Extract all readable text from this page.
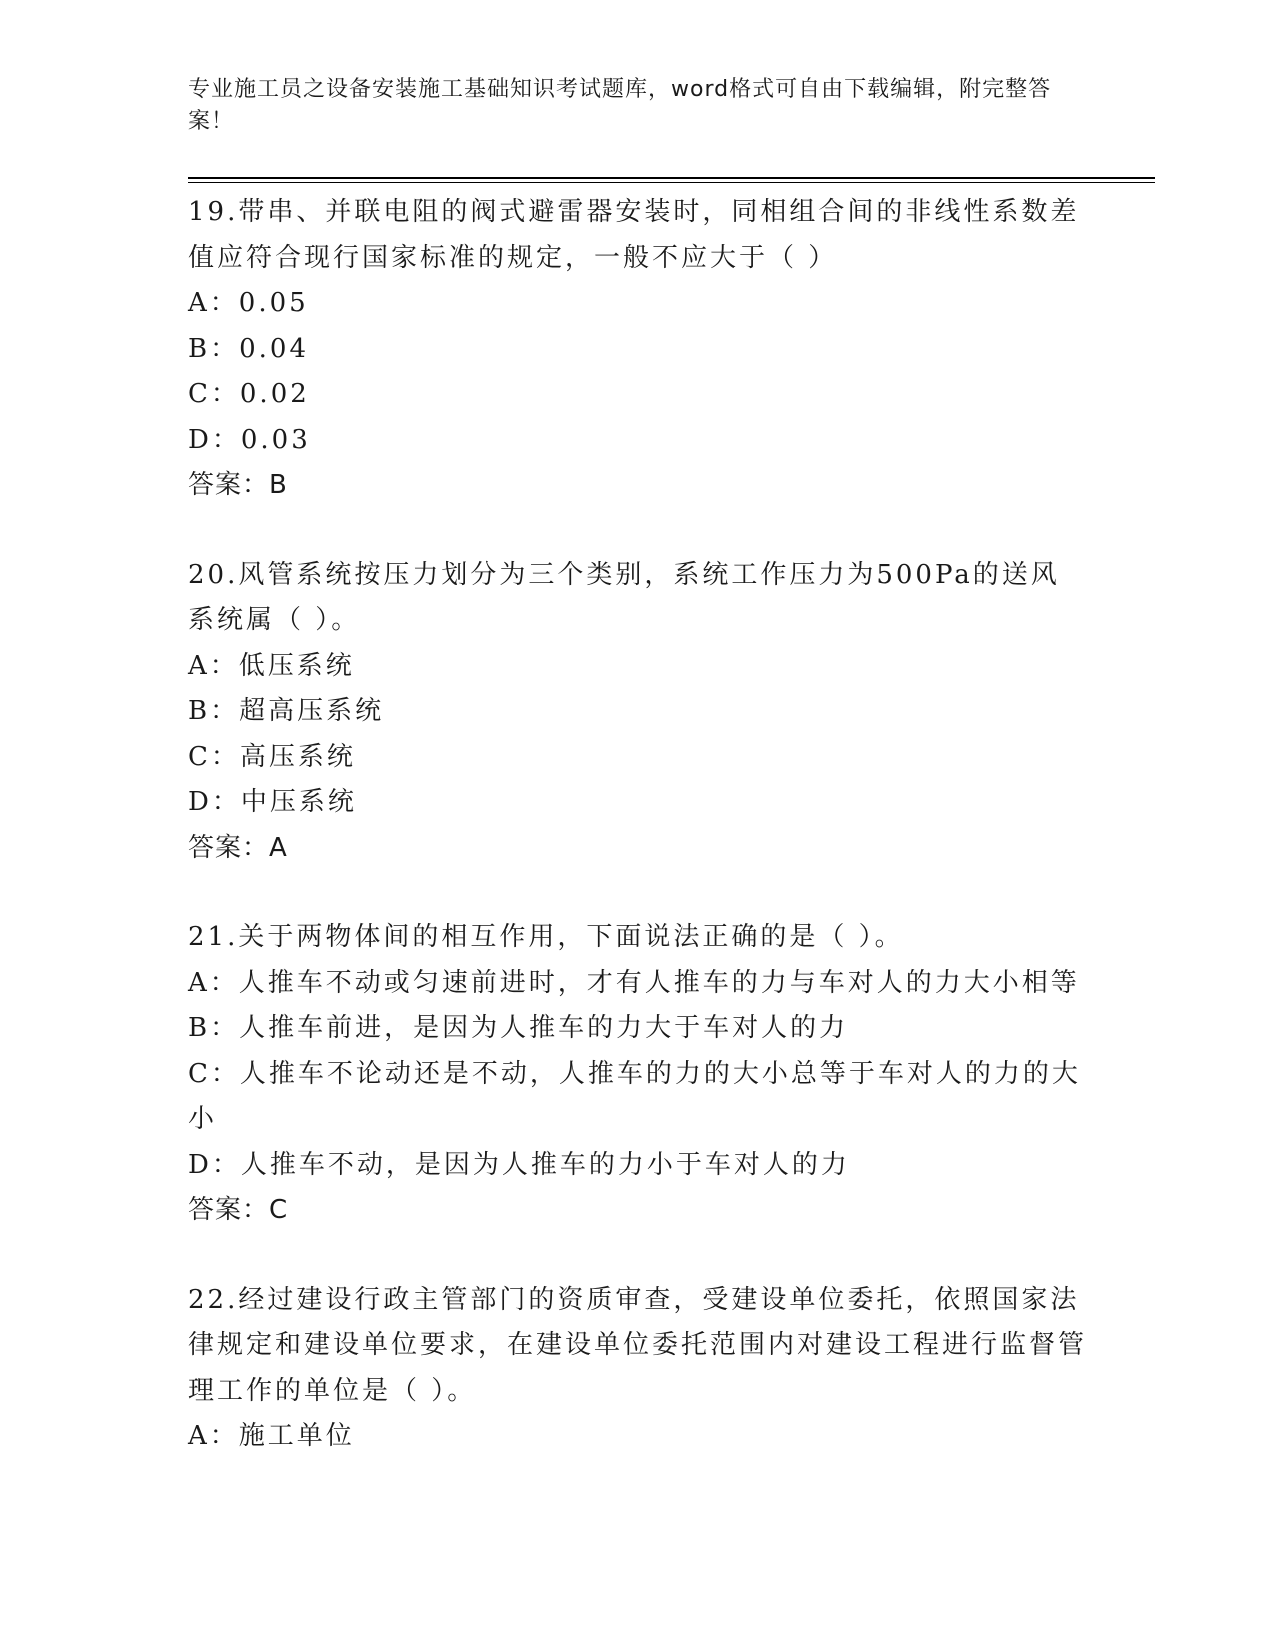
专业施工员之设备安装施工基础知识考试题库，word格式可自由下载编辑，附完整答案！

19.带串、并联电阻的阀式避雷器安装时，同相组合间的非线性系数差值应符合现行国家标准的规定，一般不应大于（ ）

A：0.05

B：0.04

C：0.02

D：0.03

答案：B

20.风管系统按压力划分为三个类别，系统工作压力为500Pa的送风系统属（ ）。

A：低压系统

B：超高压系统

C：高压系统

D：中压系统

答案：A

21.关于两物体间的相互作用，下面说法正确的是（ ）。

A：人推车不动或匀速前进时，才有人推车的力与车对人的力大小相等

B：人推车前进，是因为人推车的力大于车对人的力

C：人推车不论动还是不动，人推车的力的大小总等于车对人的力的大小

D：人推车不动，是因为人推车的力小于车对人的力

答案：C

22.经过建设行政主管部门的资质审查，受建设单位委托，依照国家法律规定和建设单位要求，在建设单位委托范围内对建设工程进行监督管理工作的单位是（ ）。

A：施工单位
